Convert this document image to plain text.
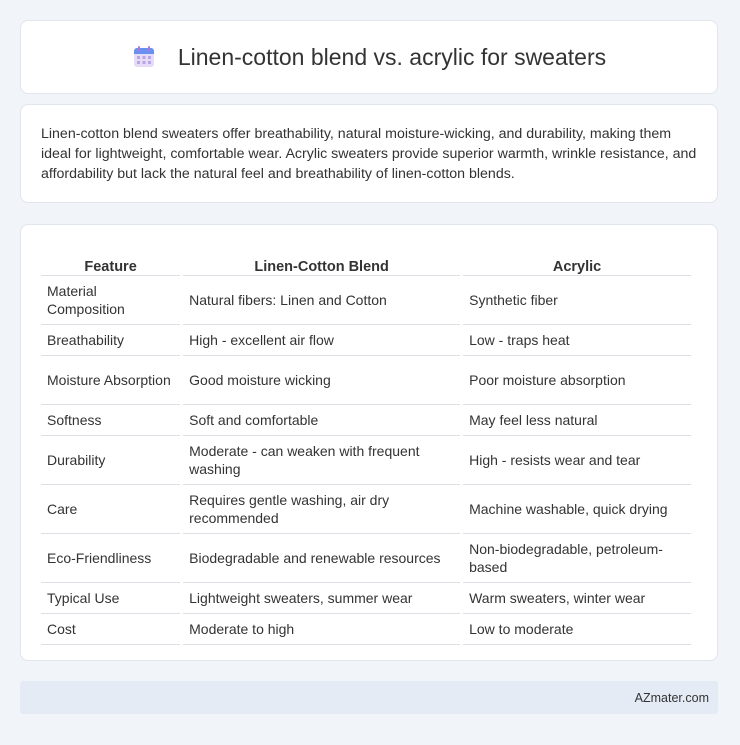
Linen-cotton blend vs. acrylic for sweaters

Linen-cotton blend sweaters offer breathability, natural moisture-wicking, and durability, making them ideal for lightweight, comfortable wear. Acrylic sweaters provide superior warmth, wrinkle resistance, and affordability but lack the natural feel and breathability of linen-cotton blends.

Feature	Linen-Cotton Blend	Acrylic
Material Composition	Natural fibers: Linen and Cotton	Synthetic fiber
Breathability	High - excellent air flow	Low - traps heat
Moisture Absorption	Good moisture wicking	Poor moisture absorption
Softness	Soft and comfortable	May feel less natural
Durability	Moderate - can weaken with frequent washing	High - resists wear and tear
Care	Requires gentle washing, air dry recommended	Machine washable, quick drying
Eco-Friendliness	Biodegradable and renewable resources	Non-biodegradable, petroleum-based
Typical Use	Lightweight sweaters, summer wear	Warm sweaters, winter wear
Cost	Moderate to high	Low to moderate
AZmater.com
